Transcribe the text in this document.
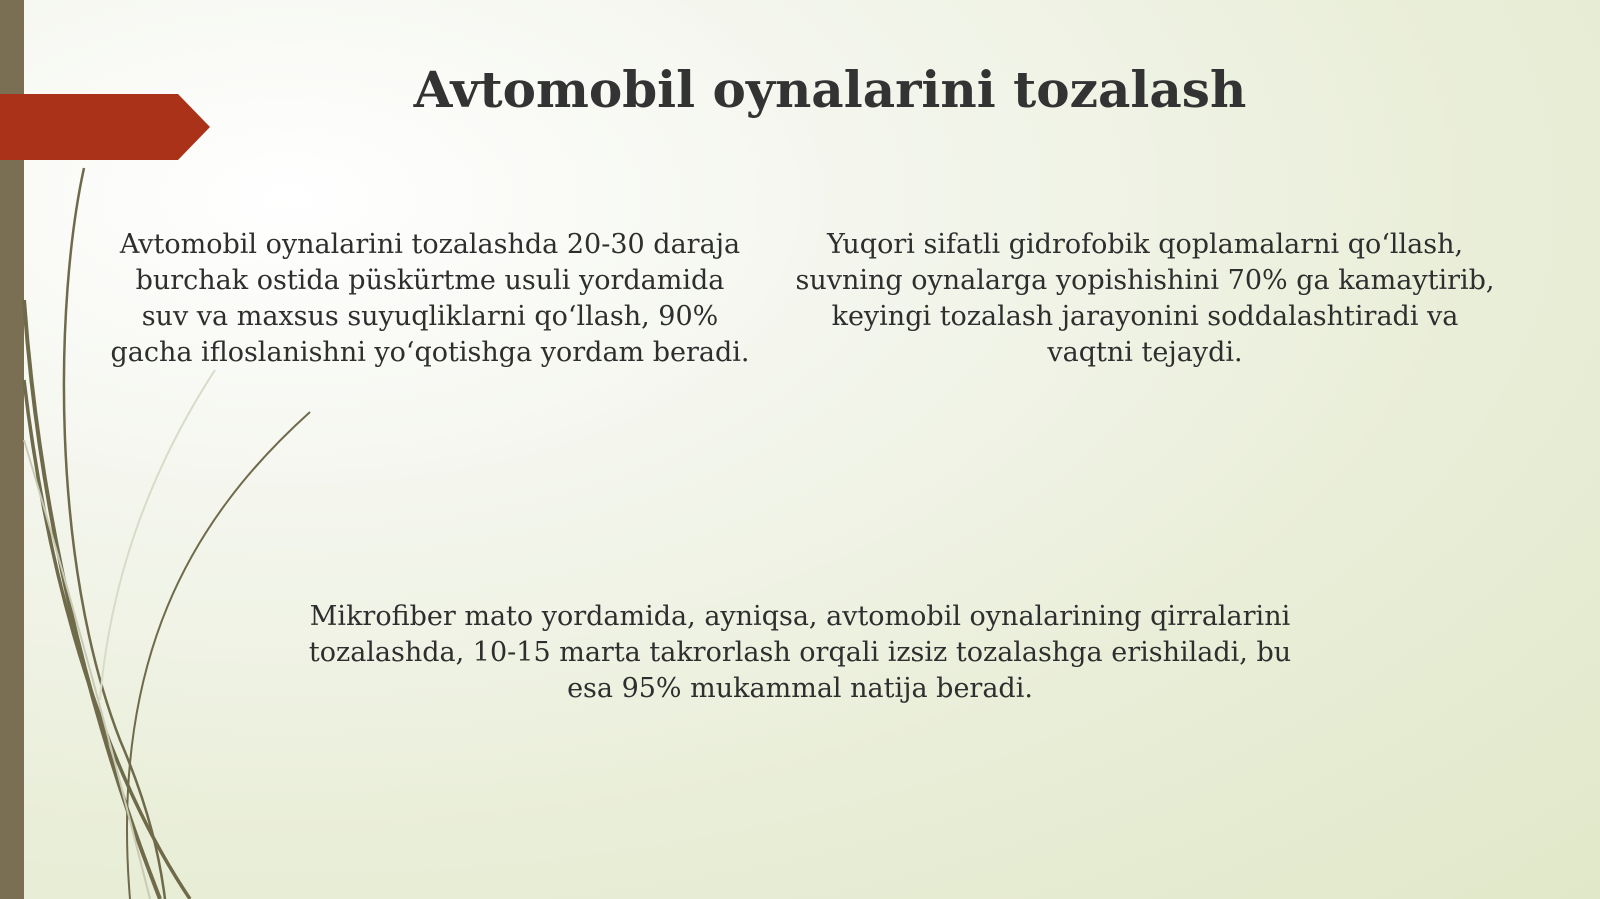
Avtomobil oynalarini tozalash

Avtomobil oynalarini tozalashda 20-30 daraja burchak ostida püskürtme usuli yordamida suv va maxsus suyuqliklarni qo‘llash, 90% gacha ifloslanishni yo‘qotishga yordam beradi.

Yuqori sifatli gidrofobik qoplamalarni qo‘llash, suvning oynalarga yopishishini 70% ga kamaytirib, keyingi tozalash jarayonini soddalashtiradi va vaqtni tejaydi.

Mikrofiber mato yordamida, ayniqsa, avtomobil oynalarining qirralarini tozalashda, 10-15 marta takrorlash orqali izsiz tozalashga erishiladi, bu esa 95% mukammal natija beradi.
